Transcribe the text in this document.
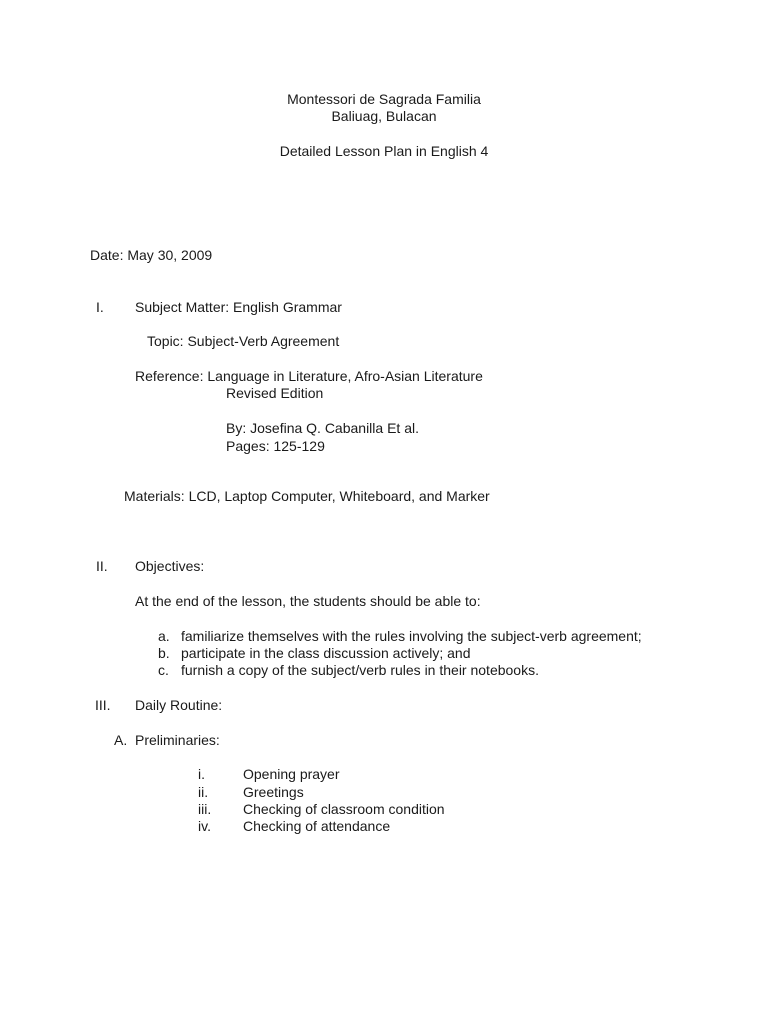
Montessori de Sagrada Familia
Baliuag, Bulacan
Detailed Lesson Plan in English 4
Date: May 30, 2009
I. Subject Matter: English Grammar
Topic: Subject-Verb Agreement
Reference: Language in Literature, Afro-Asian Literature
Revised Edition
By: Josefina Q. Cabanilla Et al.
Pages: 125-129
Materials: LCD, Laptop Computer, Whiteboard, and Marker
II. Objectives:
At the end of the lesson, the students should be able to:
a. familiarize themselves with the rules involving the subject-verb agreement;
b. participate in the class discussion actively; and
c. furnish a copy of the subject/verb rules in their notebooks.
III. Daily Routine:
A. Preliminaries:
i.	Opening prayer
ii. Greetings
iii. Checking of classroom condition
iv. Checking of attendance
